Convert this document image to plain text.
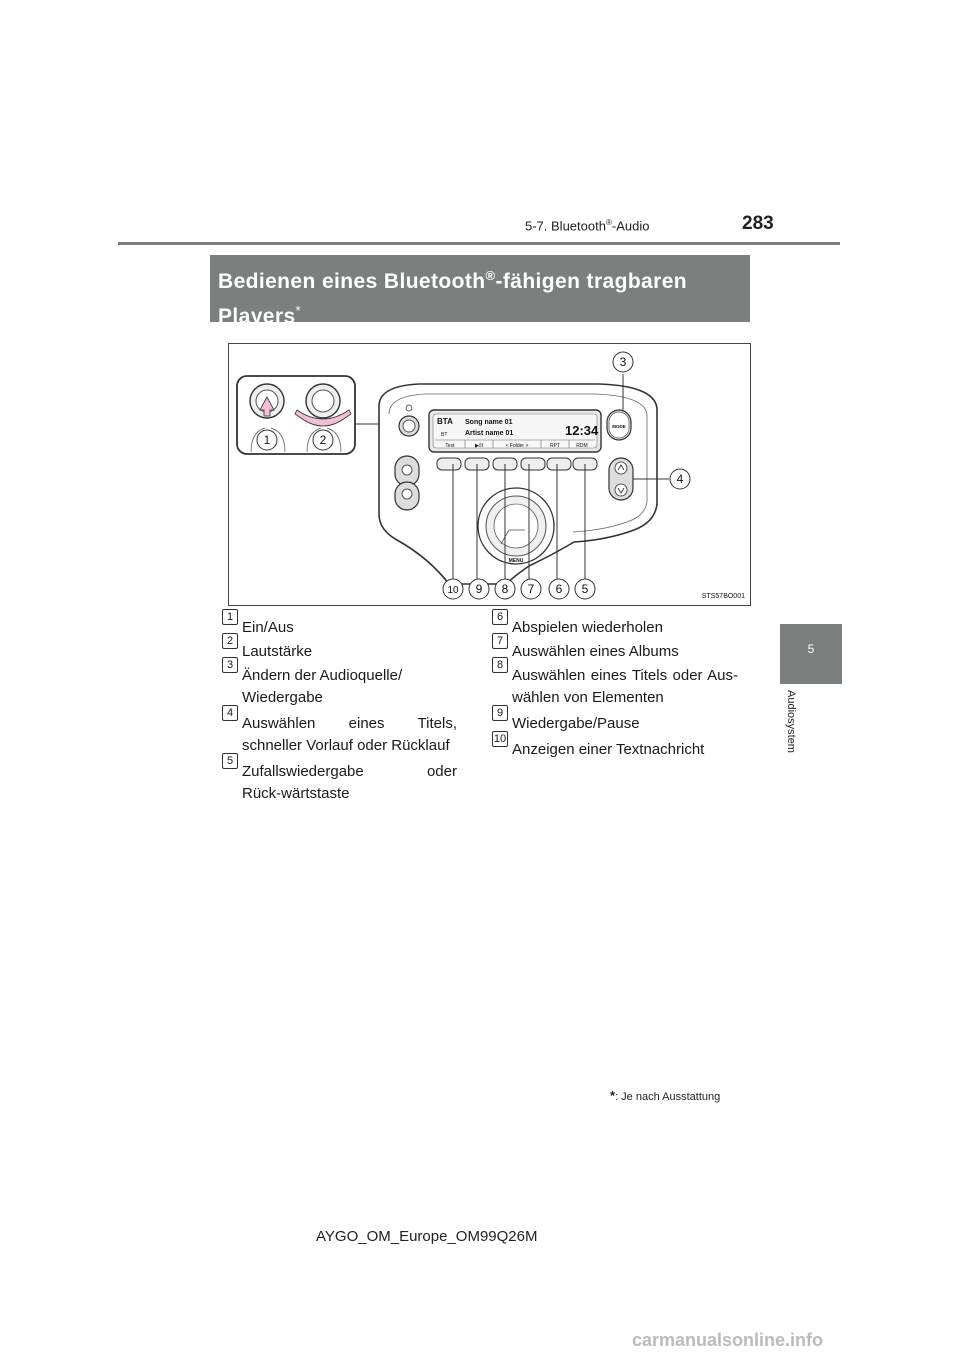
5-7. Bluetooth®-Audio	283
5
Audiosystem
Bedienen eines Bluetooth®-fähigen tragbaren Players*
1	2
3
4
5
6
7
8
9
10
BTA
BT
Song name 01
Artist name 01	12:34
Text	▶/II	< Folder >	RPT	RDM
MODE
MENU
STS57BO001
1
Ein/Aus
2
Lautstärke
3
Ändern der Audioquelle/ Wiedergabe
4
Auswählen eines Titels, schneller Vorlauf oder Rücklauf
5
Zufallswiedergabe oder Rück-wärtstaste
6
Abspielen wiederholen
7
Auswählen eines Albums
8
Auswählen eines Titels oder Aus-wählen von Elementen
9
Wiedergabe/Pause
10
Anzeigen einer Textnachricht
*: Je nach Ausstattung
AYGO_OM_Europe_OM99Q26M
carmanualsonline.info
